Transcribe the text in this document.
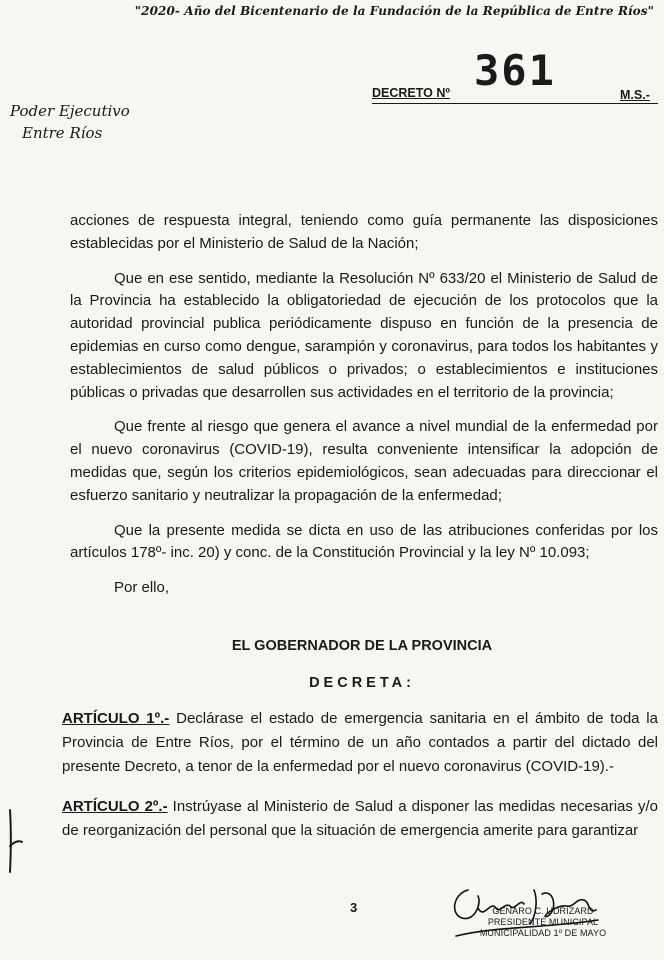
"2020- Año del Bicentenario de la Fundación de la República de Entre Ríos"
361
DECRETO Nº	M.S.-
Poder Ejecutivo
Entre Ríos

acciones de respuesta integral, teniendo como guía permanente las disposiciones establecidas por el Ministerio de Salud de la Nación;

Que en ese sentido, mediante la Resolución Nº 633/20 el Ministerio de Salud de la Provincia ha establecido la obligatoriedad de ejecución de los protocolos que la autoridad provincial publica periódicamente dispuso en función de la presencia de epidemias en curso como dengue, sarampión y coronavirus, para todos los habitantes y establecimientos de salud públicos o privados; o establecimientos e instituciones públicas o privadas que desarrollen sus actividades en el territorio de la provincia;

Que frente al riesgo que genera el avance a nivel mundial de la enfermedad por el nuevo coronavirus (COVID-19), resulta conveniente intensificar la adopción de medidas que, según los criterios epidemiológicos, sean adecuadas para direccionar el esfuerzo sanitario y neutralizar la propagación de la enfermedad;

Que la presente medida se dicta en uso de las atribuciones conferidas por los artículos 178º- inc. 20) y conc. de la Constitución Provincial y la ley Nº 10.093;

Por ello,

EL GOBERNADOR DE LA PROVINCIA
DECRETA:
ARTÍCULO 1º.- Declárase el estado de emergencia sanitaria en el ámbito de toda la Provincia de Entre Ríos, por el término de un año contados a partir del dictado del presente Decreto, a tenor de la enfermedad por el nuevo coronavirus (COVID-19).-
ARTÍCULO 2º.- Instrúyase al Ministerio de Salud a disponer las medidas necesarias y/o de reorganización del personal que la situación de emergencia amerite para garantizar
3	GENARO C. UDRIZARD
PRESIDENTE MUNICIPAL
MUNICIPALIDAD 1º DE MAYO
